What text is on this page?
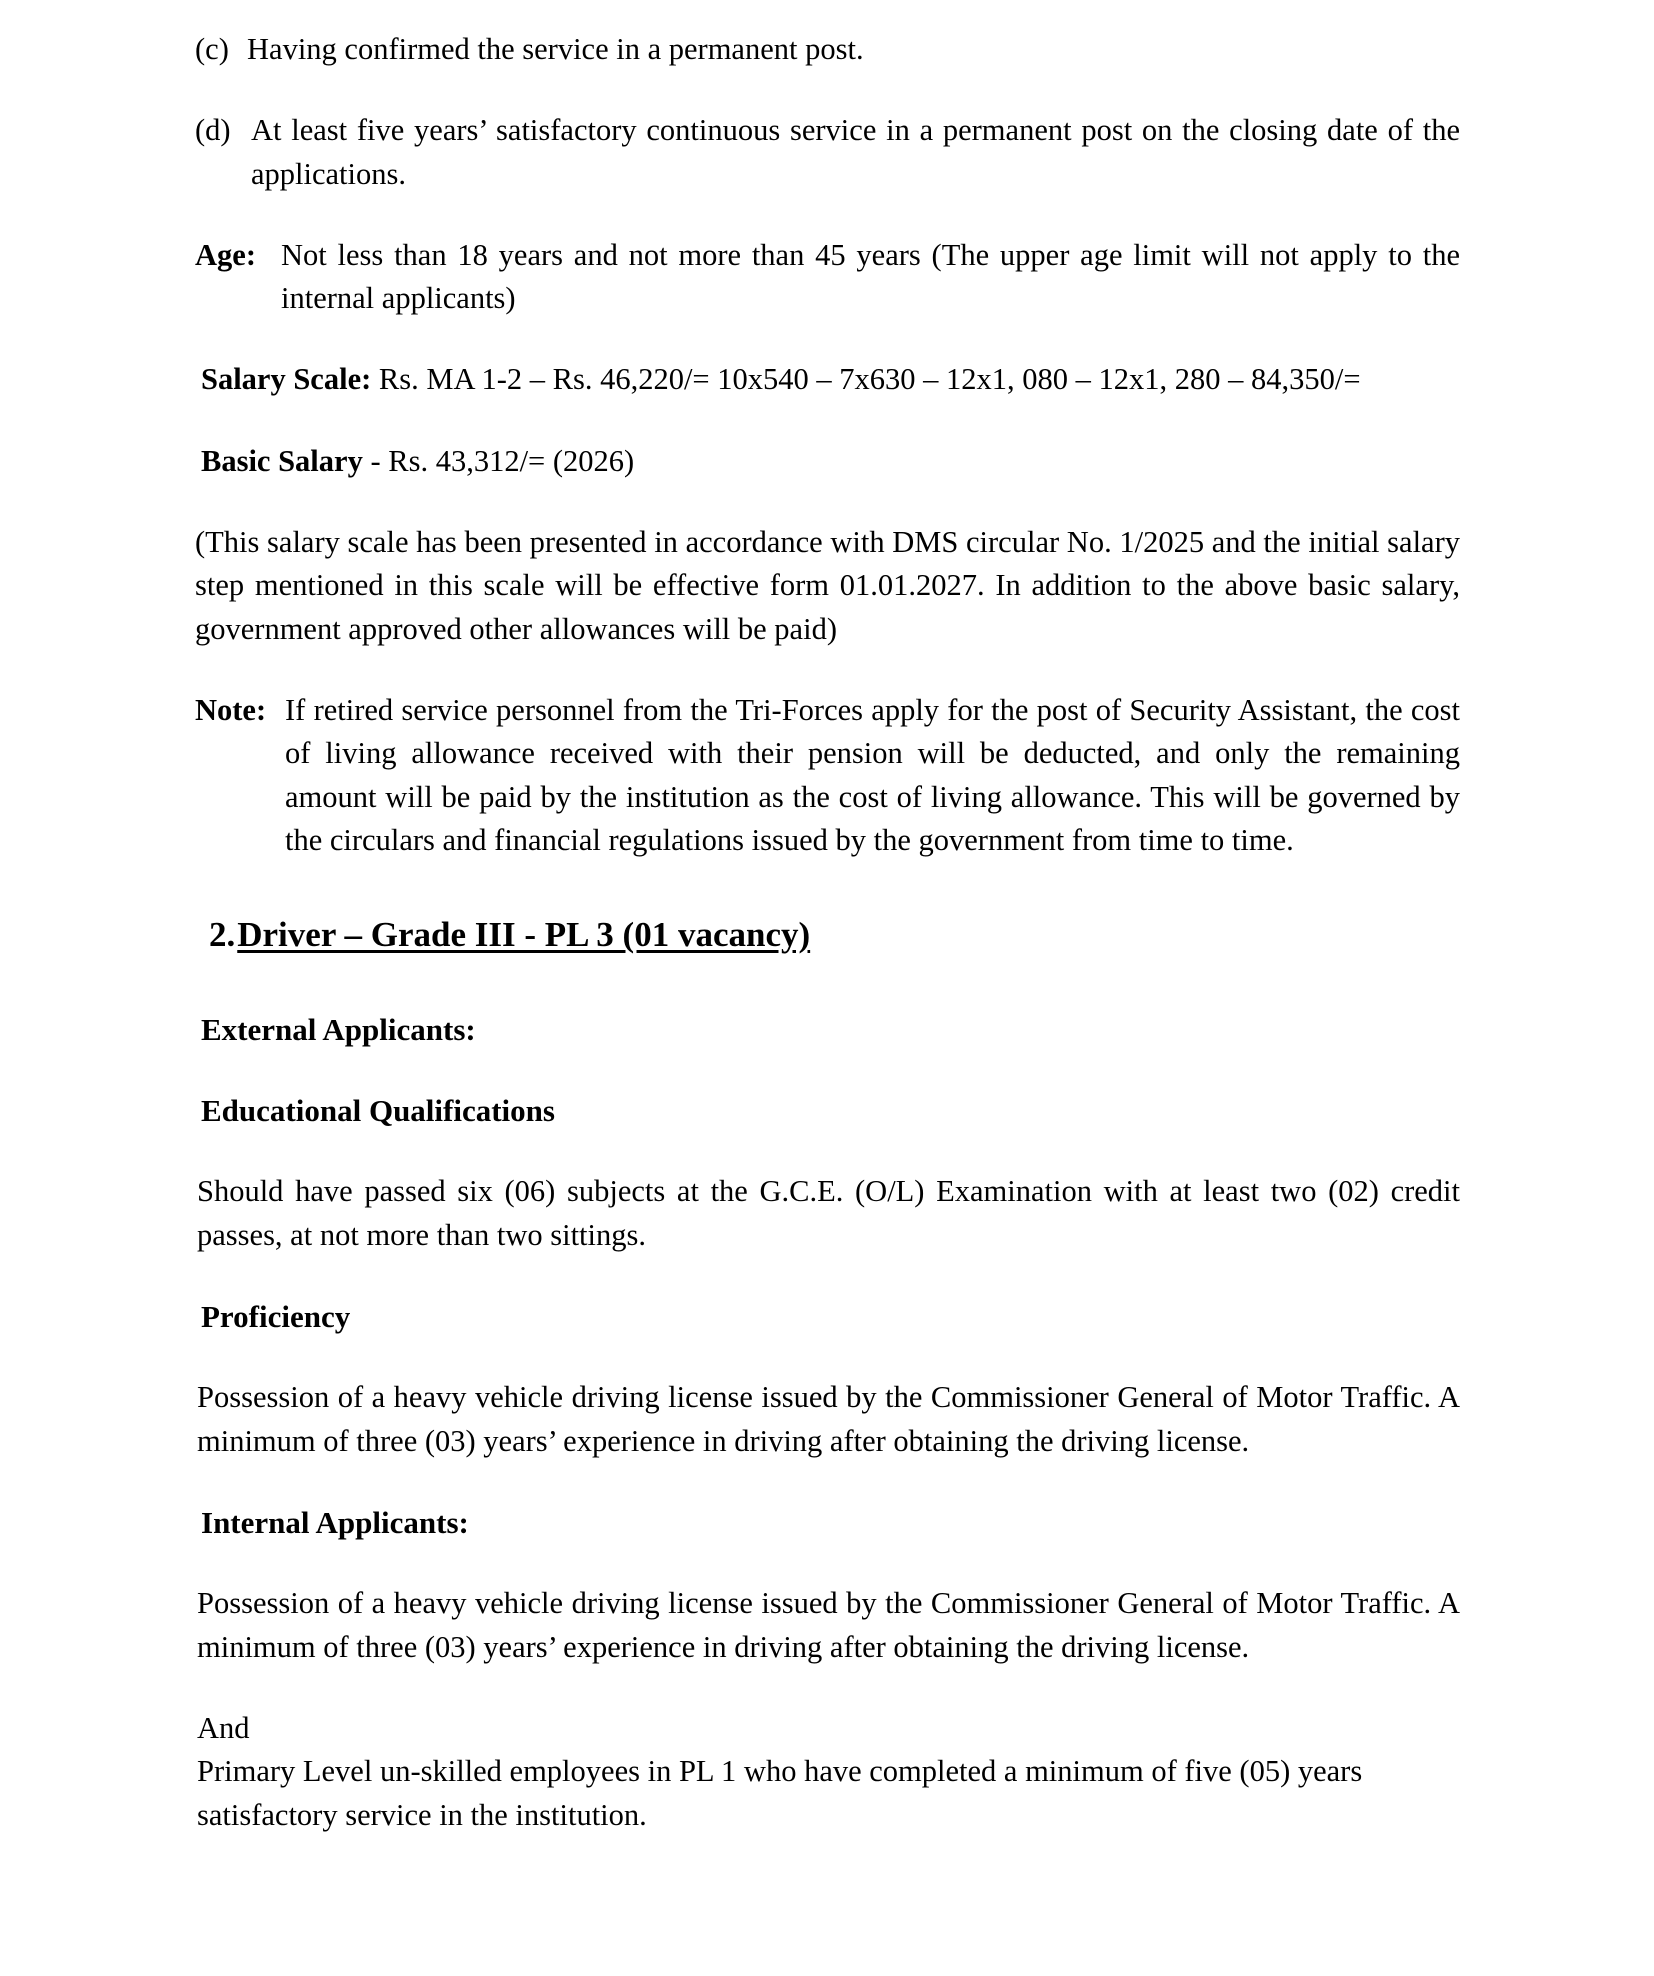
(c) Having confirmed the service in a permanent post.
(d) At least five years’ satisfactory continuous service in a permanent post on the closing date of the applications.
Age: Not less than 18 years and not more than 45 years (The upper age limit will not apply to the internal applicants)
Salary Scale: Rs. MA 1-2 – Rs. 46,220/= 10x540 – 7x630 – 12x1, 080 – 12x1, 280 – 84,350/=
Basic Salary - Rs. 43,312/= (2026)

(This salary scale has been presented in accordance with DMS circular No. 1/2025 and the initial salary step mentioned in this scale will be effective form 01.01.2027. In addition to the above basic salary, government approved other allowances will be paid)

Note: If retired service personnel from the Tri-Forces apply for the post of Security Assistant, the cost of living allowance received with their pension will be deducted, and only the remaining amount will be paid by the institution as the cost of living allowance. This will be governed by the circulars and financial regulations issued by the government from time to time.
2. Driver – Grade III - PL 3 (01 vacancy)
External Applicants:
Educational Qualifications

Should have passed six (06) subjects at the G.C.E. (O/L) Examination with at least two (02) credit passes, at not more than two sittings.

Proficiency

Possession of a heavy vehicle driving license issued by the Commissioner General of Motor Traffic. A minimum of three (03) years’ experience in driving after obtaining the driving license.

Internal Applicants:

Possession of a heavy vehicle driving license issued by the Commissioner General of Motor Traffic. A minimum of three (03) years’ experience in driving after obtaining the driving license.

And

Primary Level un-skilled employees in PL 1 who have completed a minimum of five (05) years satisfactory service in the institution.
